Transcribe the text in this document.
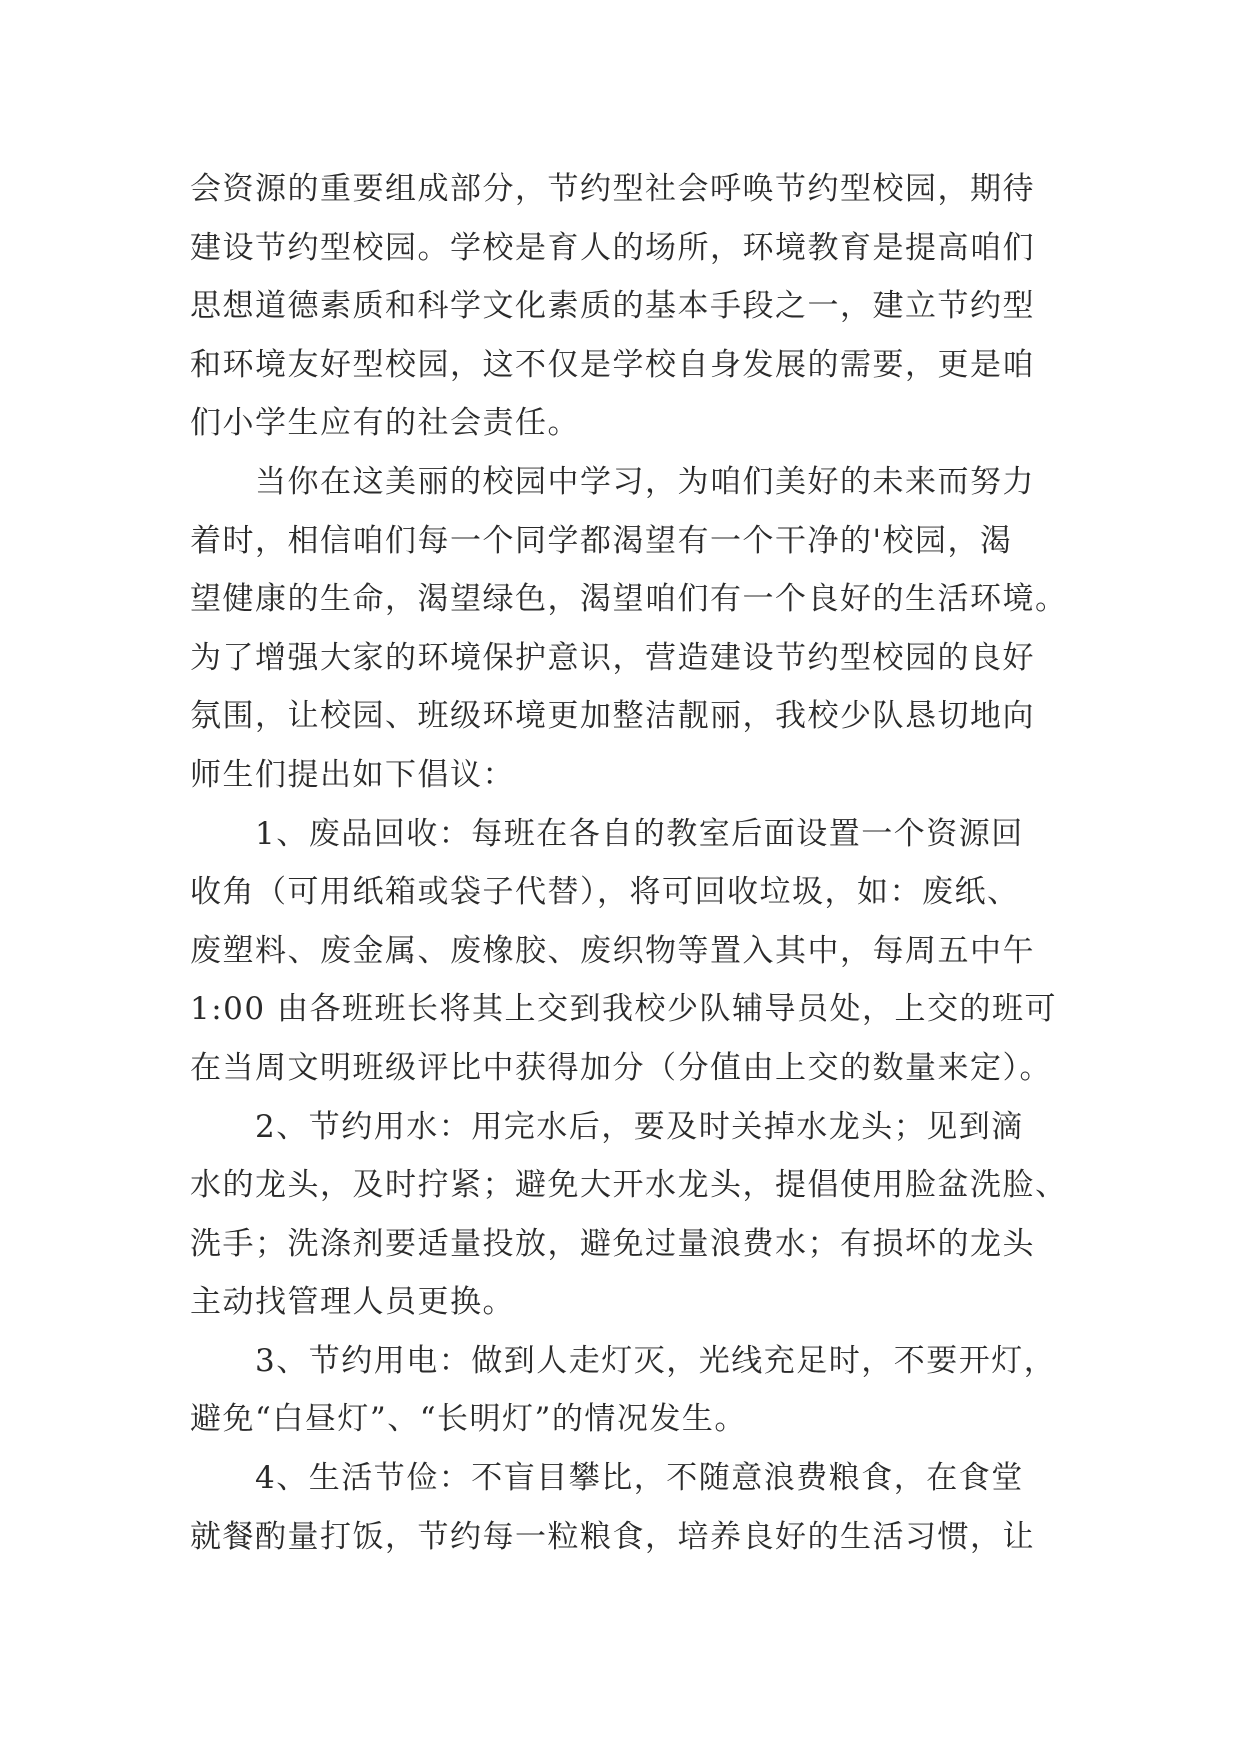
会资源的重要组成部分，节约型社会呼唤节约型校园，期待
建设节约型校园。学校是育人的场所，环境教育是提高咱们
思想道德素质和科学文化素质的基本手段之一，建立节约型
和环境友好型校园，这不仅是学校自身发展的需要，更是咱
们小学生应有的社会责任。
　　当你在这美丽的校园中学习，为咱们美好的未来而努力
着时，相信咱们每一个同学都渴望有一个干净的'校园，渴
望健康的生命，渴望绿色，渴望咱们有一个良好的生活环境。
为了增强大家的环境保护意识，营造建设节约型校园的良好
氛围，让校园、班级环境更加整洁靓丽，我校少队恳切地向
师生们提出如下倡议：
　　1、废品回收：每班在各自的教室后面设置一个资源回
收角（可用纸箱或袋子代替），将可回收垃圾，如：废纸、
废塑料、废金属、废橡胶、废织物等置入其中，每周五中午
1:00 由各班班长将其上交到我校少队辅导员处，上交的班可
在当周文明班级评比中获得加分（分值由上交的数量来定）。
　　2、节约用水：用完水后，要及时关掉水龙头；见到滴
水的龙头，及时拧紧；避免大开水龙头，提倡使用脸盆洗脸、
洗手；洗涤剂要适量投放，避免过量浪费水；有损坏的龙头
主动找管理人员更换。
　　3、节约用电：做到人走灯灭，光线充足时，不要开灯，
避免“白昼灯”、“长明灯”的情况发生。
　　4、生活节俭：不盲目攀比，不随意浪费粮食，在食堂
就餐酌量打饭，节约每一粒粮食，培养良好的生活习惯，让
